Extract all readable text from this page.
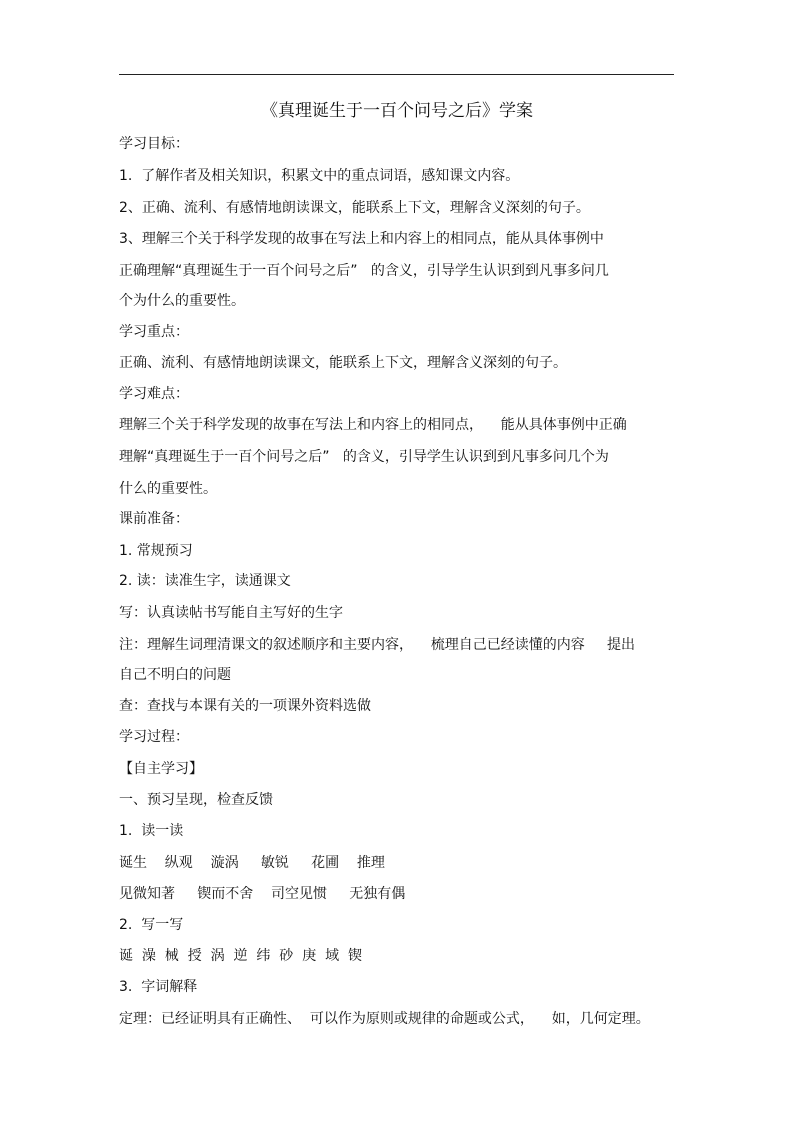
《真理诞生于一百个问号之后》学案
学习目标：
1.  了解作者及相关知识，积累文中的重点词语，感知课文内容。
2、正确、流利、有感情地朗读课文，能联系上下文，理解含义深刻的句子。
3、理解三个关于科学发现的故事在写法上和内容上的相同点，能从具体事例中
正确理解“真理诞生于一百个问号之后”   的含义，引导学生认识到到凡事多问几
个为什么的重要性。
学习重点：
正确、流利、有感情地朗读课文，能联系上下文，理解含义深刻的句子。
学习难点：
理解三个关于科学发现的故事在写法上和内容上的相同点，    能从具体事例中正确
理解“真理诞生于一百个问号之后”   的含义，引导学生认识到到凡事多问几个为
什么的重要性。
课前准备：
1. 常规预习
2. 读：读准生字，读通课文
写：认真读帖书写能自主写好的生字
注：理解生词理清课文的叙述顺序和主要内容，    梳理自己已经读懂的内容     提出
自己不明白的问题
查：查找与本课有关的一项课外资料选做
学习过程：
【自主学习】
一、预习呈现，检查反馈
1.  读一读
诞生    纵观    漩涡     敏锐     花圃    推理
见微知著     锲而不舍    司空见惯     无独有偶
2.  写一写
诞  澡  械  授  涡  逆  纬  砂  庚  域  锲
3.  字词解释
定理：已经证明具有正确性、  可以作为原则或规律的命题或公式，    如，几何定理。
